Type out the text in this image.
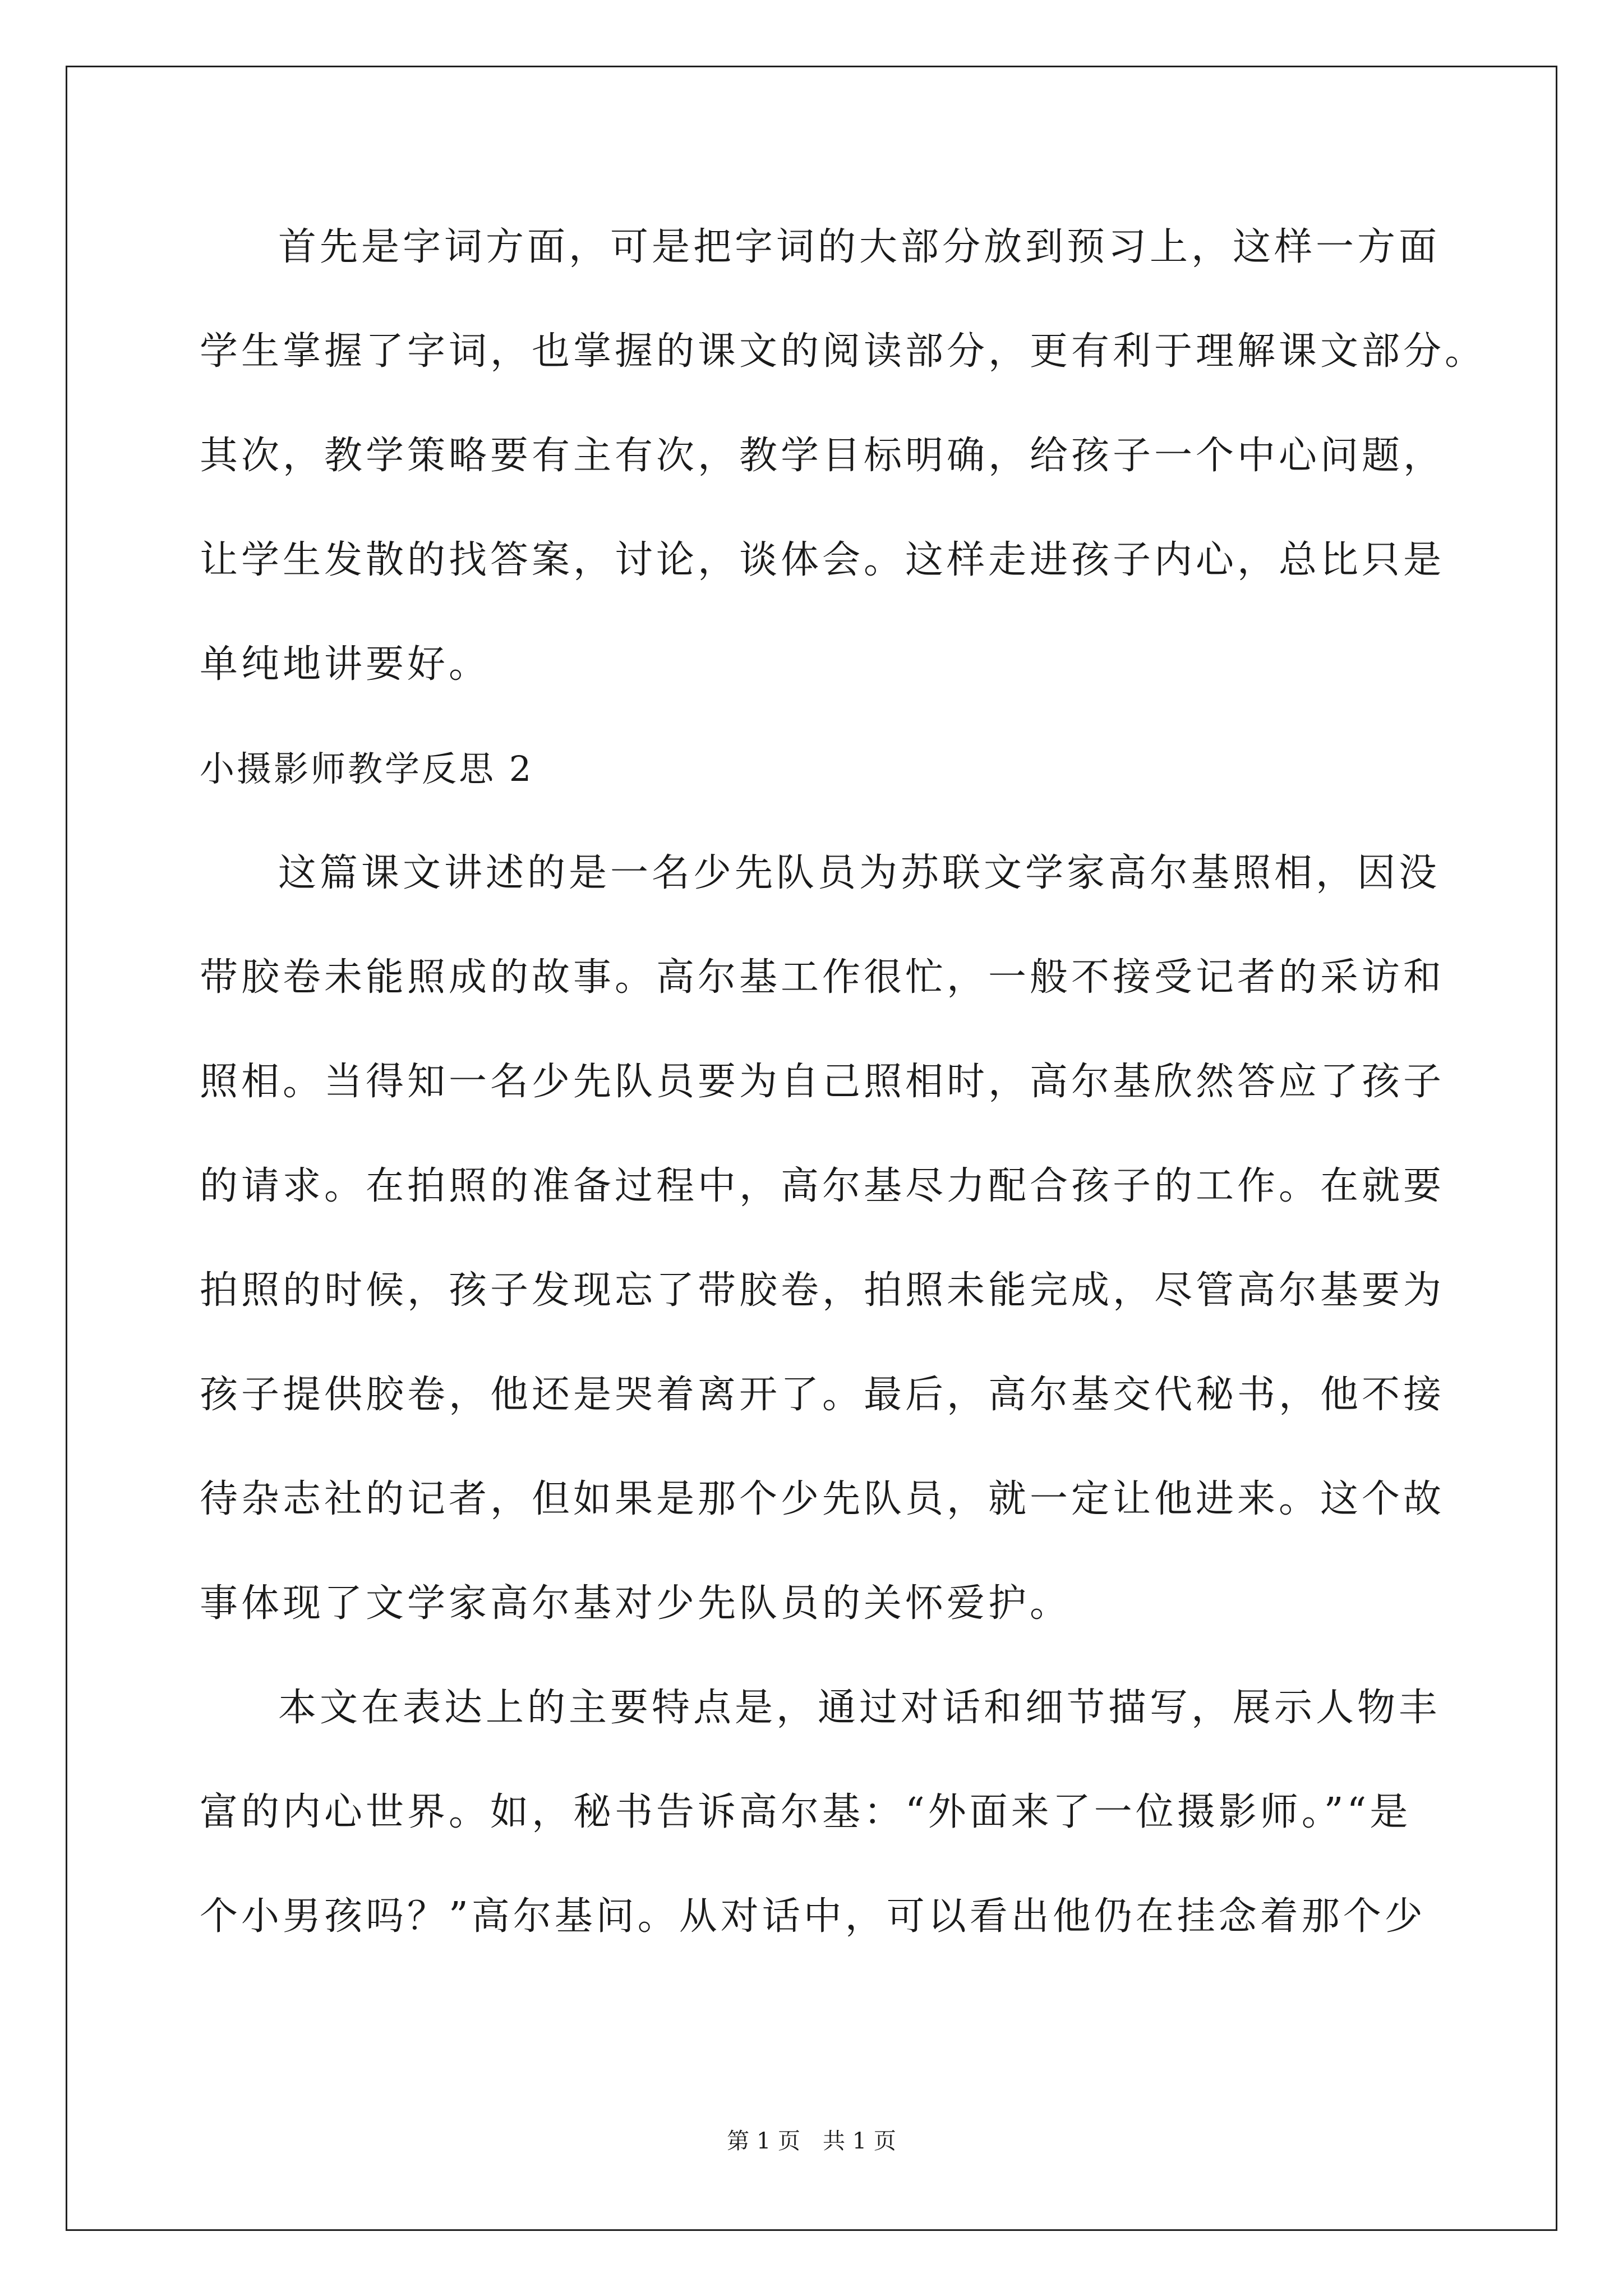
首先是字词方面，可是把字词的大部分放到预习上，这样一方面
学生掌握了字词，也掌握的课文的阅读部分，更有利于理解课文部分。
其次，教学策略要有主有次，教学目标明确，给孩子一个中心问题，
让学生发散的找答案，讨论，谈体会。这样走进孩子内心，总比只是
单纯地讲要好。
小摄影师教学反思 2
这篇课文讲述的是一名少先队员为苏联文学家高尔基照相，因没
带胶卷未能照成的故事。高尔基工作很忙，一般不接受记者的采访和
照相。当得知一名少先队员要为自己照相时，高尔基欣然答应了孩子
的请求。在拍照的准备过程中，高尔基尽力配合孩子的工作。在就要
拍照的时候，孩子发现忘了带胶卷，拍照未能完成，尽管高尔基要为
孩子提供胶卷，他还是哭着离开了。最后，高尔基交代秘书，他不接
待杂志社的记者，但如果是那个少先队员，就一定让他进来。这个故
事体现了文学家高尔基对少先队员的关怀爱护。
本文在表达上的主要特点是，通过对话和细节描写，展示人物丰
富的内心世界。如，秘书告诉高尔基：“外面来了一位摄影师。”“是
个小男孩吗？”高尔基问。从对话中，可以看出他仍在挂念着那个少
第 1 页 共 1 页
